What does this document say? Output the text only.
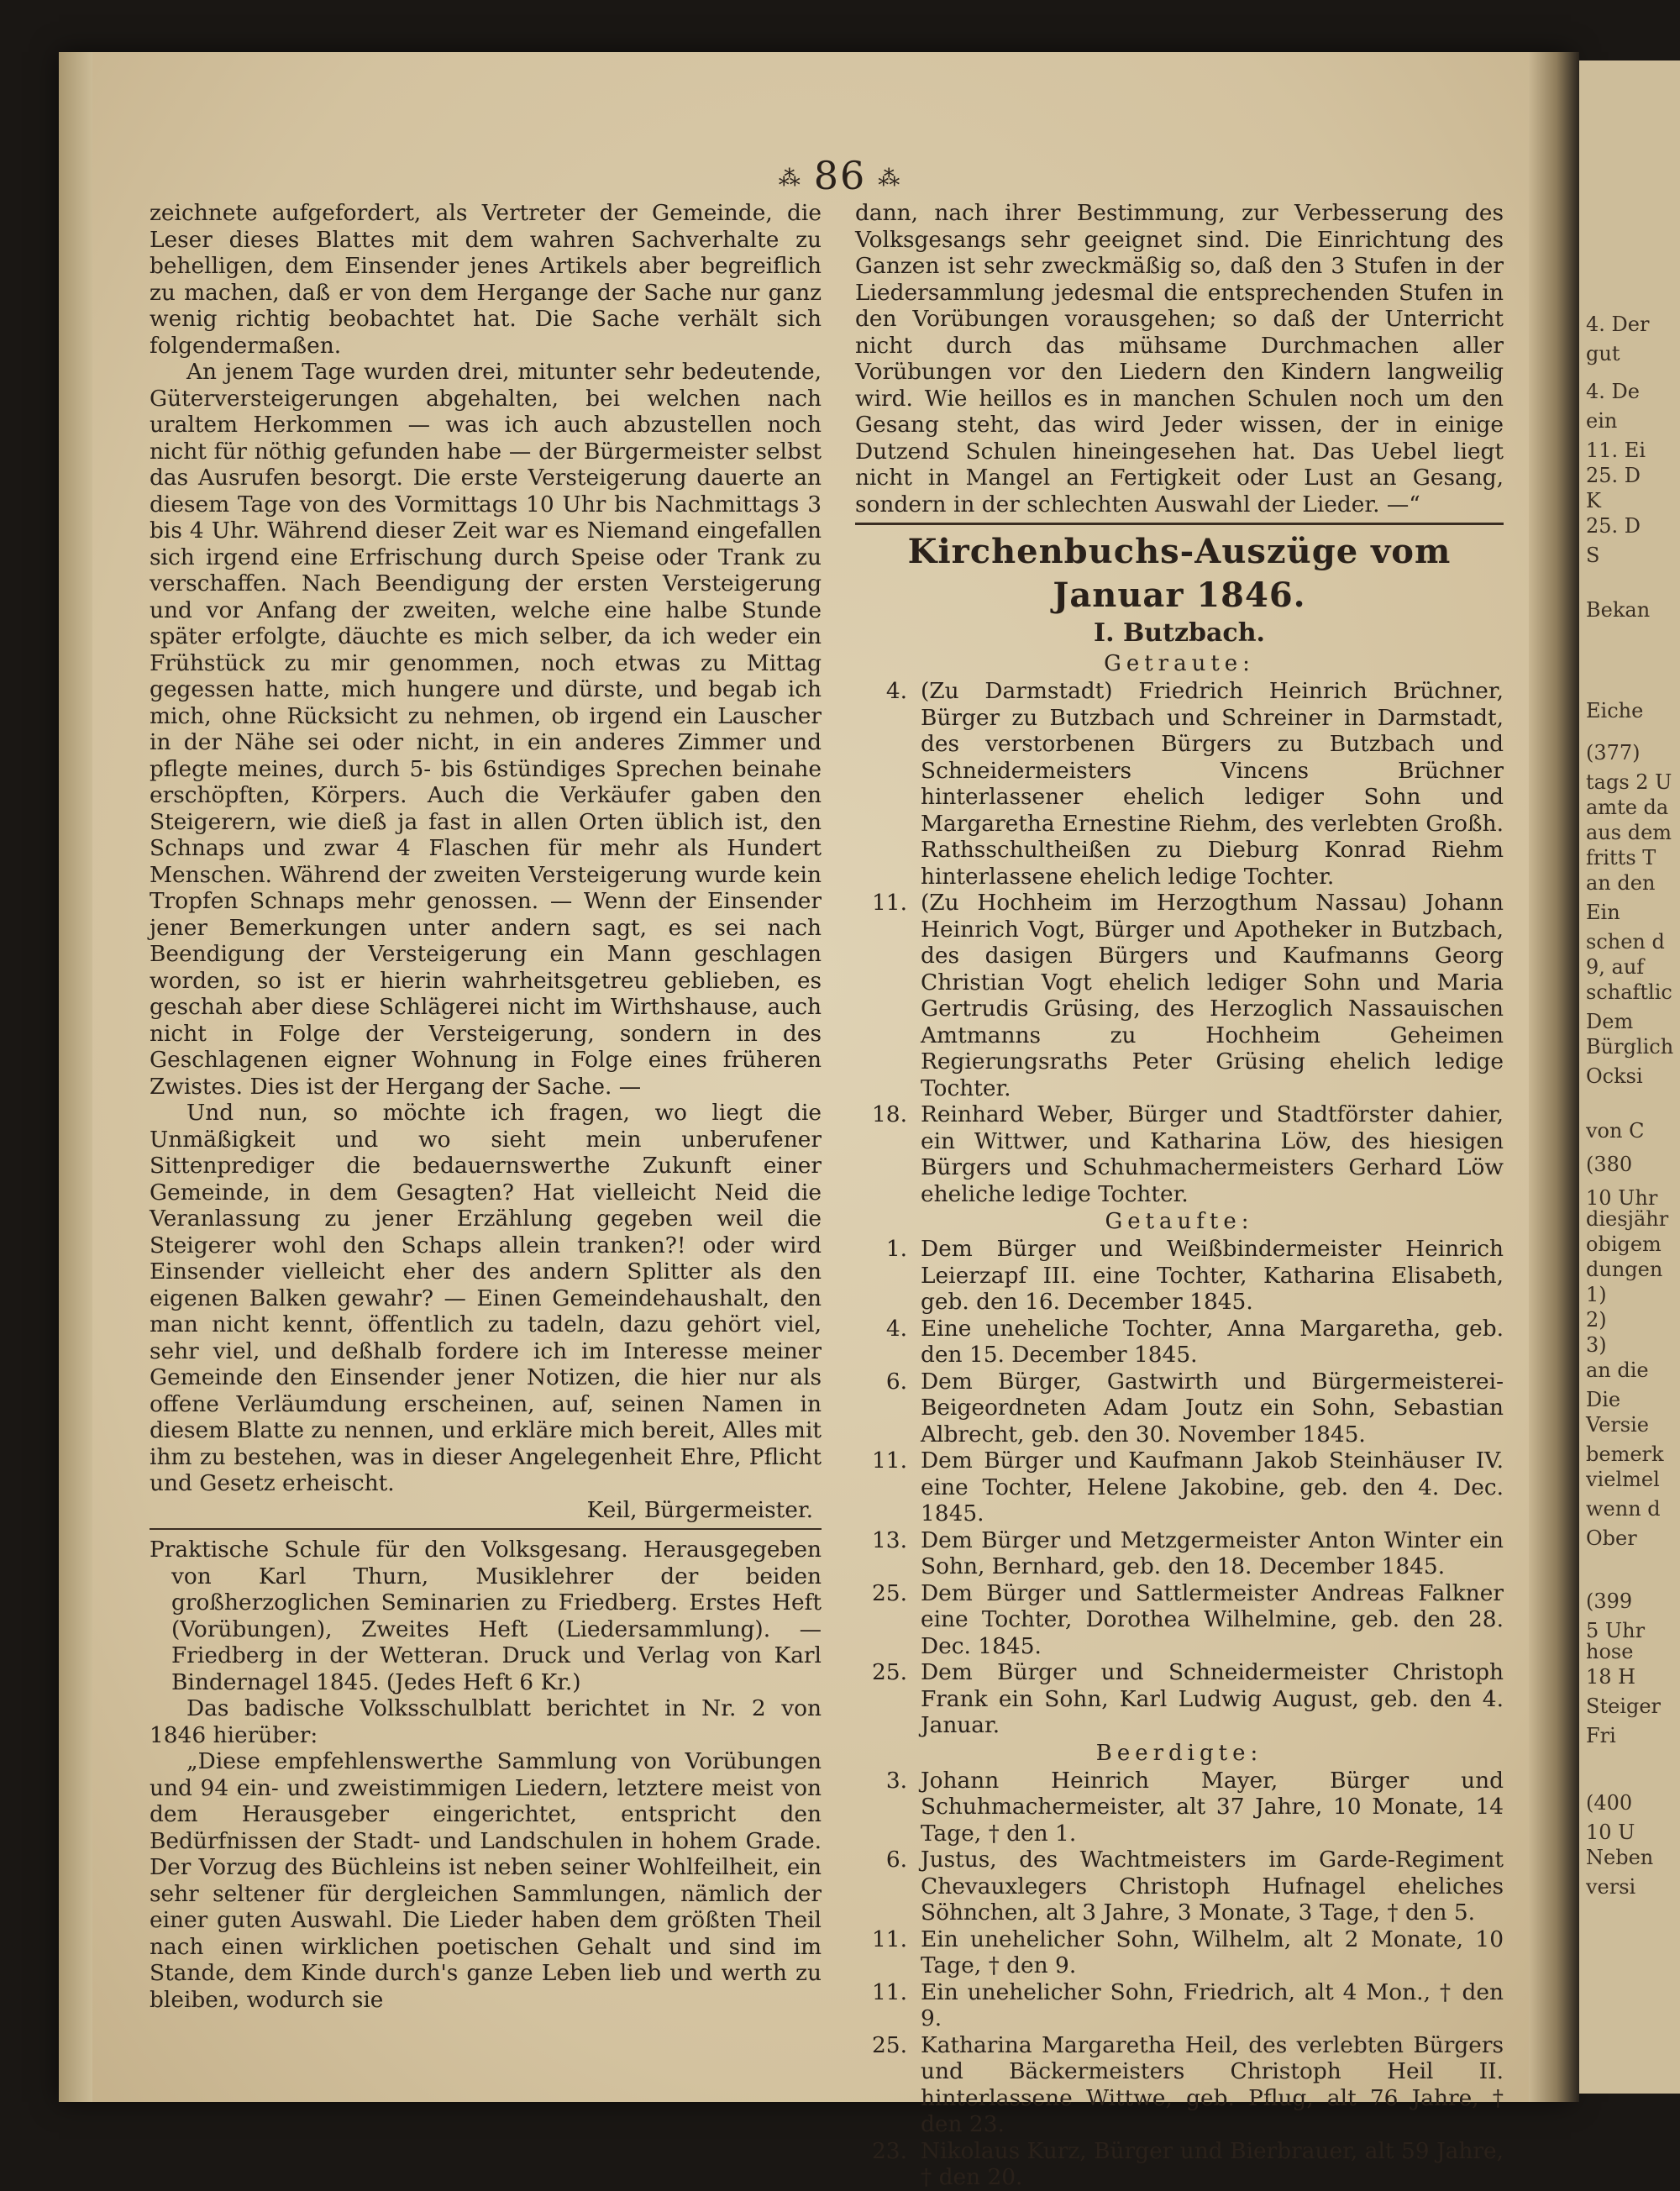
4. Der
gut
4. De
ein
11. Ei
25. D
K
25. D
S
Bekan
Eiche
(377)
tags 2 U
amte da
aus dem
fritts T
an den
Ein
schen d
9, auf
schaftlic
Dem
Bürglich
Ocksi
von C
(380
10 Uhr
diesjähr
obigem
dungen
1)
2)
3)
an die
Die
Versie
bemerk
vielmel
wenn d
Ober
(399
5 Uhr
hose
18 H
Steiger
Fri
(400
10 U
Neben
versi
⁂ 86 ⁂

zeichnete aufgefordert, als Vertreter der Gemeinde, die Leser dieses Blattes mit dem wahren Sachverhalte zu behelligen, dem Einsender jenes Artikels aber begreiflich zu machen, daß er von dem Hergange der Sache nur ganz wenig richtig beobachtet hat. Die Sache verhält sich folgendermaßen.

An jenem Tage wurden drei, mitunter sehr bedeutende, Güterversteigerungen abgehalten, bei welchen nach uraltem Herkommen — was ich auch abzustellen noch nicht für nöthig gefunden habe — der Bürgermeister selbst das Ausrufen besorgt. Die erste Versteigerung dauerte an diesem Tage von des Vormittags 10 Uhr bis Nachmittags 3 bis 4 Uhr. Während dieser Zeit war es Niemand eingefallen sich irgend eine Erfrischung durch Speise oder Trank zu verschaffen. Nach Beendigung der ersten Versteigerung und vor Anfang der zweiten, welche eine halbe Stunde später erfolgte, däuchte es mich selber, da ich weder ein Frühstück zu mir genommen, noch etwas zu Mittag gegessen hatte, mich hungere und dürste, und begab ich mich, ohne Rücksicht zu nehmen, ob irgend ein Lauscher in der Nähe sei oder nicht, in ein anderes Zimmer und pflegte meines, durch 5- bis 6stündiges Sprechen beinahe erschöpften, Körpers. Auch die Verkäufer gaben den Steigerern, wie dieß ja fast in allen Orten üblich ist, den Schnaps und zwar 4 Flaschen für mehr als Hundert Menschen. Während der zweiten Versteigerung wurde kein Tropfen Schnaps mehr genossen. — Wenn der Einsender jener Bemerkungen unter andern sagt, es sei nach Beendigung der Versteigerung ein Mann geschlagen worden, so ist er hierin wahrheitsgetreu geblieben, es geschah aber diese Schlägerei nicht im Wirthshause, auch nicht in Folge der Versteigerung, sondern in des Geschlagenen eigner Wohnung in Folge eines früheren Zwistes. Dies ist der Hergang der Sache. —

Und nun, so möchte ich fragen, wo liegt die Unmäßigkeit und wo sieht mein unberufener Sittenprediger die bedauernswerthe Zukunft einer Gemeinde, in dem Gesagten? Hat vielleicht Neid die Veranlassung zu jener Erzählung gegeben weil die Steigerer wohl den Schaps allein tranken?! oder wird Einsender vielleicht eher des andern Splitter als den eigenen Balken gewahr? — Einen Gemeindehaushalt, den man nicht kennt, öffentlich zu tadeln, dazu gehört viel, sehr viel, und deßhalb fordere ich im Interesse meiner Gemeinde den Einsender jener Notizen, die hier nur als offene Verläumdung erscheinen, auf, seinen Namen in diesem Blatte zu nennen, und erkläre mich bereit, Alles mit ihm zu bestehen, was in dieser Angelegenheit Ehre, Pflicht und Gesetz erheischt.

Keil, Bürgermeister.

Praktische Schule für den Volksgesang. Herausgegeben von Karl Thurn, Musiklehrer der beiden großherzoglichen Seminarien zu Friedberg. Erstes Heft (Vorübungen), Zweites Heft (Liedersammlung). — Friedberg in der Wetteran. Druck und Verlag von Karl Bindernagel 1845. (Jedes Heft 6 Kr.)

Das badische Volksschulblatt berichtet in Nr. 2 von 1846 hierüber:

„Diese empfehlenswerthe Sammlung von Vorübungen und 94 ein- und zweistimmigen Liedern, letztere meist von dem Herausgeber eingerichtet, entspricht den Bedürfnissen der Stadt- und Landschulen in hohem Grade. Der Vorzug des Büchleins ist neben seiner Wohlfeilheit, ein sehr seltener für dergleichen Sammlungen, nämlich der einer guten Auswahl. Die Lieder haben dem größten Theil nach einen wirklichen poetischen Gehalt und sind im Stande, dem Kinde durch's ganze Leben lieb und werth zu bleiben, wodurch sie

dann, nach ihrer Bestimmung, zur Verbesserung des Volksgesangs sehr geeignet sind. Die Einrichtung des Ganzen ist sehr zweckmäßig so, daß den 3 Stufen in der Liedersammlung jedesmal die entsprechenden Stufen in den Vorübungen vorausgehen; so daß der Unterricht nicht durch das mühsame Durchmachen aller Vorübungen vor den Liedern den Kindern langweilig wird. Wie heillos es in manchen Schulen noch um den Gesang steht, das wird Jeder wissen, der in einige Dutzend Schulen hineingesehen hat. Das Uebel liegt nicht in Mangel an Fertigkeit oder Lust an Gesang, sondern in der schlechten Auswahl der Lieder. —“

Kirchenbuchs-Auszüge vom Januar 1846.

I. Butzbach.

Getraute:

4. (Zu Darmstadt) Friedrich Heinrich Brüchner, Bürger zu Butzbach und Schreiner in Darmstadt, des verstorbenen Bürgers zu Butzbach und Schneidermeisters Vincens Brüchner hinterlassener ehelich lediger Sohn und Margaretha Ernestine Riehm, des verlebten Großh. Rathsschultheißen zu Dieburg Konrad Riehm hinterlassene ehelich ledige Tochter.
11. (Zu Hochheim im Herzogthum Nassau) Johann Heinrich Vogt, Bürger und Apotheker in Butzbach, des dasigen Bürgers und Kaufmanns Georg Christian Vogt ehelich lediger Sohn und Maria Gertrudis Grüsing, des Herzoglich Nassauischen Amtmanns zu Hochheim Geheimen Regierungsraths Peter Grüsing ehelich ledige Tochter.
18. Reinhard Weber, Bürger und Stadtförster dahier, ein Wittwer, und Katharina Löw, des hiesigen Bürgers und Schuhmachermeisters Gerhard Löw eheliche ledige Tochter.

Getaufte:

1. Dem Bürger und Weißbindermeister Heinrich Leierzapf III. eine Tochter, Katharina Elisabeth, geb. den 16. December 1845.
4. Eine uneheliche Tochter, Anna Margaretha, geb. den 15. December 1845.
6. Dem Bürger, Gastwirth und Bürgermeisterei-Beigeordneten Adam Joutz ein Sohn, Sebastian Albrecht, geb. den 30. November 1845.
11. Dem Bürger und Kaufmann Jakob Steinhäuser IV. eine Tochter, Helene Jakobine, geb. den 4. Dec. 1845.
13. Dem Bürger und Metzgermeister Anton Winter ein Sohn, Bernhard, geb. den 18. December 1845.
25. Dem Bürger und Sattlermeister Andreas Falkner eine Tochter, Dorothea Wilhelmine, geb. den 28. Dec. 1845.
25. Dem Bürger und Schneidermeister Christoph Frank ein Sohn, Karl Ludwig August, geb. den 4. Januar.

Beerdigte:

3. Johann Heinrich Mayer, Bürger und Schuhmachermeister, alt 37 Jahre, 10 Monate, 14 Tage, † den 1.
6. Justus, des Wachtmeisters im Garde-Regiment Chevauxlegers Christoph Hufnagel eheliches Söhnchen, alt 3 Jahre, 3 Monate, 3 Tage, † den 5.
11. Ein unehelicher Sohn, Wilhelm, alt 2 Monate, 10 Tage, † den 9.
11. Ein unehelicher Sohn, Friedrich, alt 4 Mon., † den 9.
25. Katharina Margaretha Heil, des verlebten Bürgers und Bäckermeisters Christoph Heil II. hinterlassene Wittwe, geb. Pflug, alt 76 Jahre, † den 23.
23. Nikolaus Kurz, Bürger und Bierbrauer, alt 59 Jahre, † den 20.
